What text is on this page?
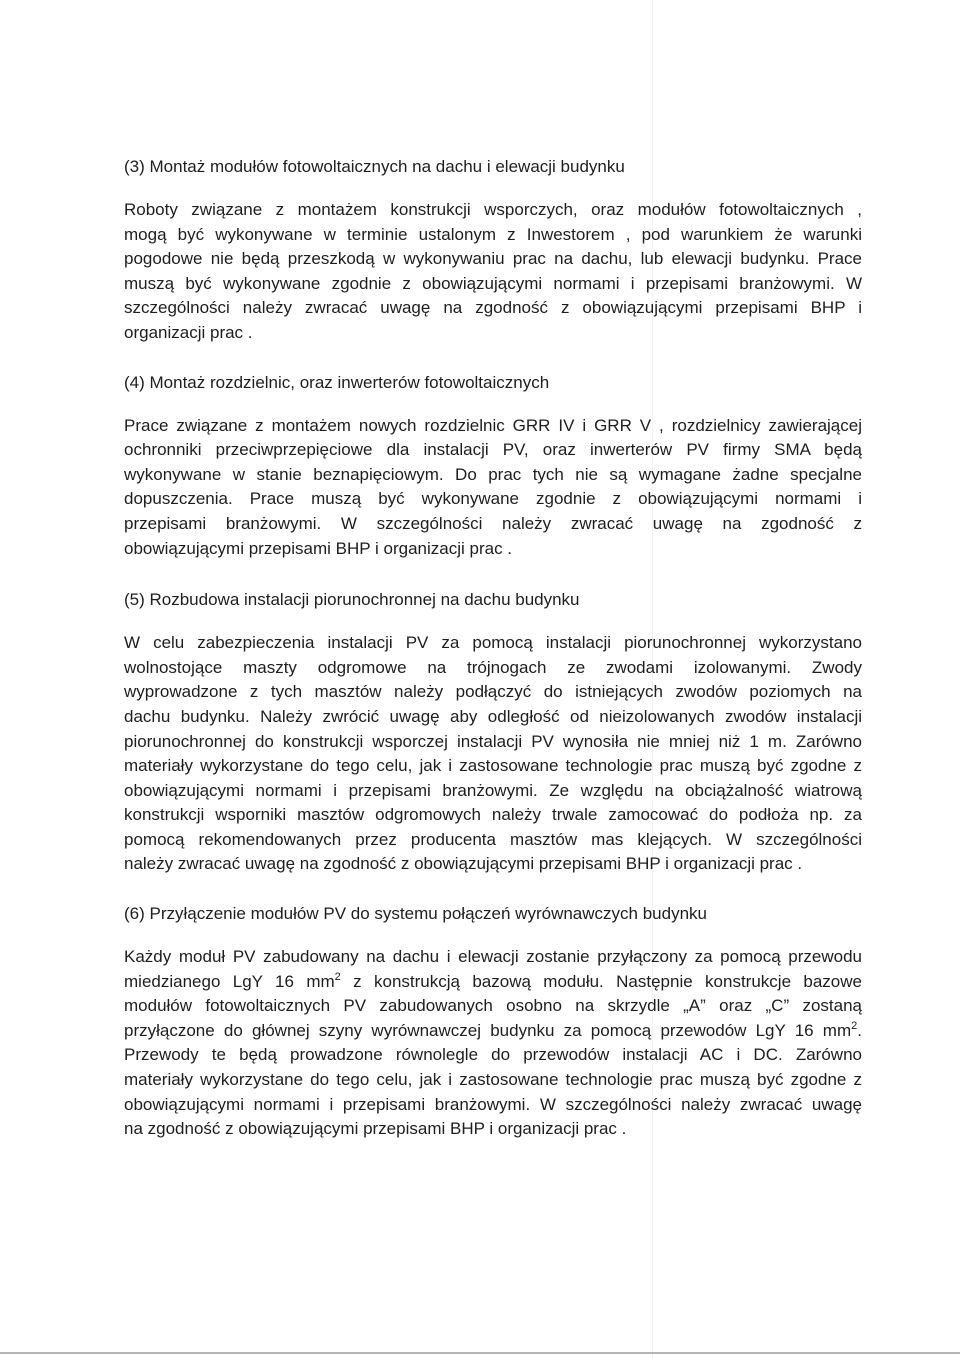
(3) Montaż modułów fotowoltaicznych na dachu i elewacji budynku

Roboty związane z montażem konstrukcji wsporczych, oraz modułów fotowoltaicznych ,
mogą być wykonywane w terminie ustalonym z Inwestorem , pod warunkiem że warunki
pogodowe nie będą przeszkodą w wykonywaniu prac na dachu, lub elewacji budynku. Prace
muszą być wykonywane zgodnie z obowiązującymi normami i przepisami branżowymi. W
szczególności należy zwracać uwagę na zgodność z obowiązującymi przepisami BHP i
organizacji prac .

(4) Montaż rozdzielnic, oraz inwerterów fotowoltaicznych

Prace związane z montażem nowych rozdzielnic GRR IV i GRR V , rozdzielnicy zawierającej
ochronniki przeciwprzepięciowe dla instalacji PV, oraz inwerterów PV firmy SMA będą
wykonywane w stanie beznapięciowym. Do prac tych nie są wymagane żadne specjalne
dopuszczenia. Prace muszą być wykonywane zgodnie z obowiązującymi normami i
przepisami branżowymi. W szczególności należy zwracać uwagę na zgodność z
obowiązującymi przepisami BHP i organizacji prac .

(5) Rozbudowa instalacji piorunochronnej na dachu budynku

W celu zabezpieczenia instalacji PV za pomocą instalacji piorunochronnej wykorzystano
wolnostojące maszty odgromowe na trójnogach ze zwodami izolowanymi. Zwody
wyprowadzone z tych masztów należy podłączyć do istniejących zwodów poziomych na
dachu budynku. Należy zwrócić uwagę aby odległość od nieizolowanych zwodów instalacji
piorunochronnej do konstrukcji wsporczej instalacji PV wynosiła nie mniej niż 1 m. Zarówno
materiały wykorzystane do tego celu, jak i zastosowane technologie prac muszą być zgodne z
obowiązującymi normami i przepisami branżowymi. Ze względu na obciążalność wiatrową
konstrukcji wsporniki masztów odgromowych należy trwale zamocować do podłoża np. za
pomocą rekomendowanych przez producenta masztów mas klejących. W szczególności
należy zwracać uwagę na zgodność z obowiązującymi przepisami BHP i organizacji prac .

(6) Przyłączenie modułów PV do systemu połączeń wyrównawczych budynku

Każdy moduł PV zabudowany na dachu i elewacji zostanie przyłączony za pomocą przewodu
miedzianego LgY 16 $mm^2$ z konstrukcją bazową modułu. Następnie konstrukcje bazowe
modułów fotowoltaicznych PV zabudowanych osobno na skrzydle „A” oraz „C” zostaną
przyłączone do głównej szyny wyrównawczej budynku za pomocą przewodów LgY 16 $mm^2$.
Przewody te będą prowadzone równolegle do przewodów instalacji AC i DC. Zarówno
materiały wykorzystane do tego celu, jak i zastosowane technologie prac muszą być zgodne z
obowiązującymi normami i przepisami branżowymi. W szczególności należy zwracać uwagę
na zgodność z obowiązującymi przepisami BHP i organizacji prac .
